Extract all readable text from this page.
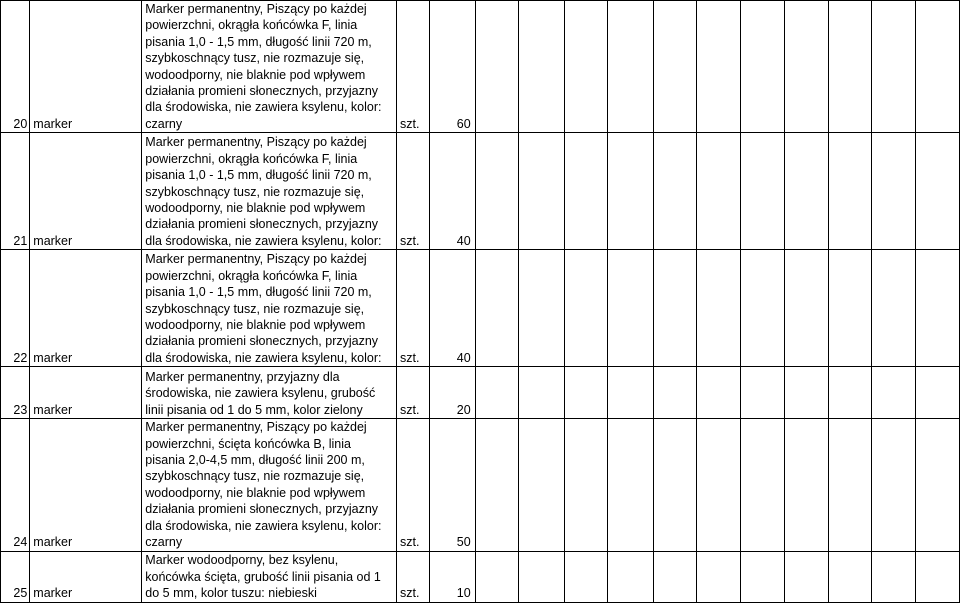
20	marker	Marker permanentny, Piszący po każdej powierzchni, okrągła końcówka F, linia pisania 1,0 - 1,5 mm, długość linii 720 m, szybkoschnący tusz, nie rozmazuje się, wodoodporny, nie blaknie pod wpływem działania promieni słonecznych, przyjazny dla środowiska, nie zawiera ksylenu, kolor: czarny	szt.	60											
21	marker	Marker permanentny, Piszący po każdej powierzchni, okrągła końcówka F, linia pisania 1,0 - 1,5 mm, długość linii 720 m, szybkoschnący tusz, nie rozmazuje się, wodoodporny, nie blaknie pod wpływem działania promieni słonecznych, przyjazny dla środowiska, nie zawiera ksylenu, kolor:	szt.	40											
22	marker	Marker permanentny, Piszący po każdej powierzchni, okrągła końcówka F, linia pisania 1,0 - 1,5 mm, długość linii 720 m, szybkoschnący tusz, nie rozmazuje się, wodoodporny, nie blaknie pod wpływem działania promieni słonecznych, przyjazny dla środowiska, nie zawiera ksylenu, kolor:	szt.	40											
23	marker	Marker permanentny, przyjazny dla środowiska, nie zawiera ksylenu, grubość linii pisania od 1 do 5 mm, kolor zielony	szt.	20											
24	marker	Marker permanentny, Piszący po każdej powierzchni, ścięta końcówka B, linia pisania 2,0-4,5 mm, długość linii 200 m, szybkoschnący tusz, nie rozmazuje się, wodoodporny, nie blaknie pod wpływem działania promieni słonecznych, przyjazny dla środowiska, nie zawiera ksylenu, kolor: czarny	szt.	50											
25	marker	Marker wodoodporny, bez ksylenu, końcówka ścięta, grubość linii pisania od 1 do 5 mm, kolor tuszu: niebieski	szt.	10											
